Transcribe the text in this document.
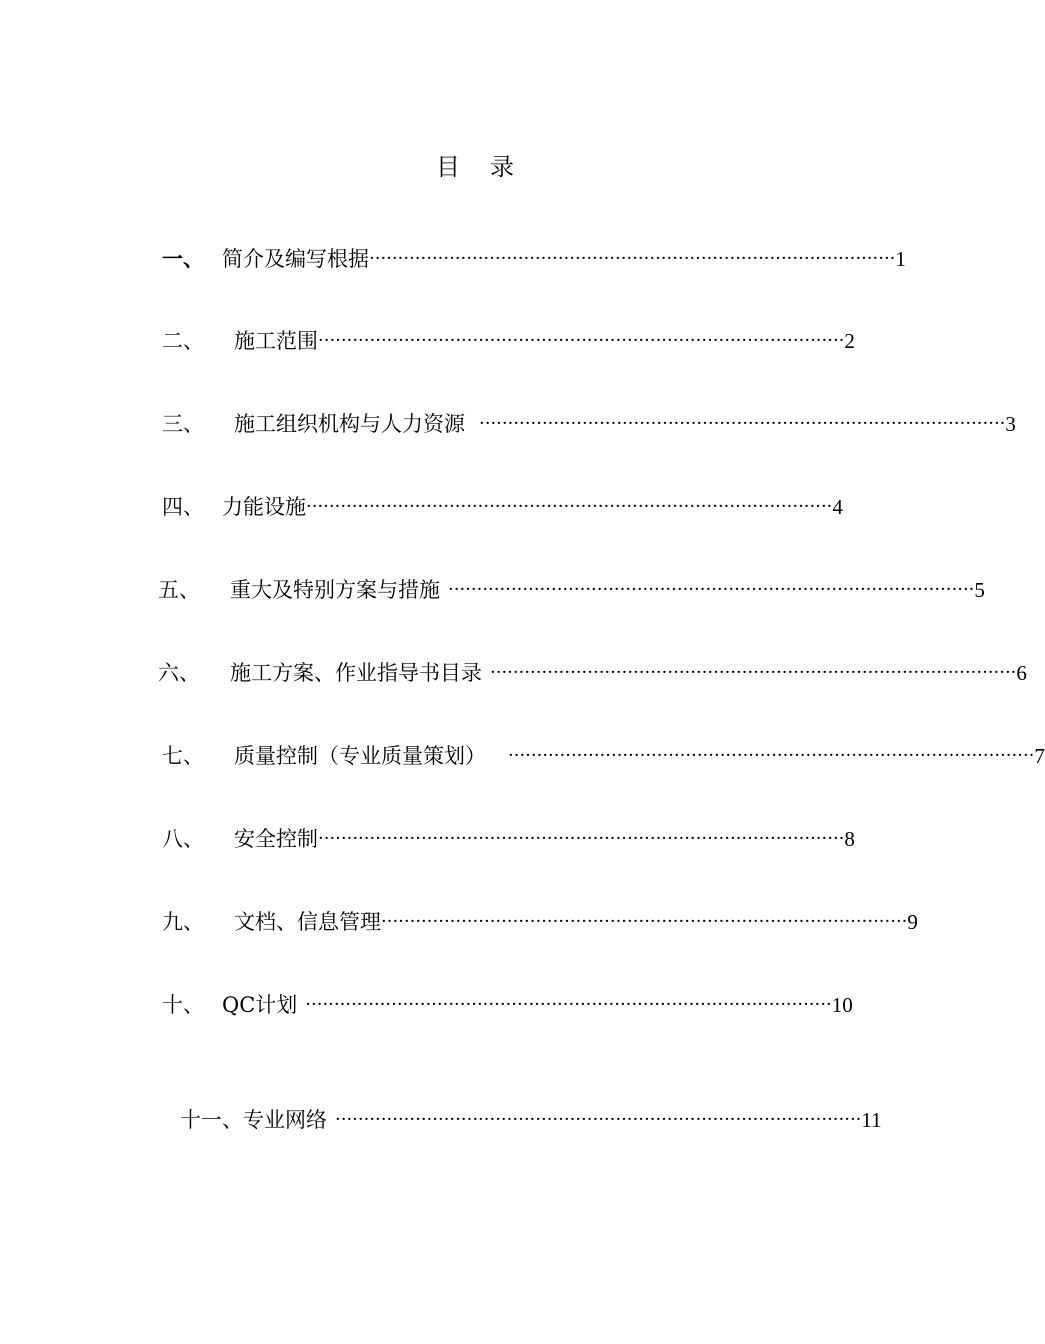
目 录
一、 简介及编写根据 ···························································································· 1
二、	施工范围 ···························································································· 2
三、	施工组织机构与人力资源 ···························································································· 3
四、 力能设施 ···························································································· 4
五、	重大及特别方案与措施 ···························································································· 5
六、	施工方案、作业指导书目录 ···························································································· 6
七、	质量控制（专业质量策划）	···························································································· 7
八、	安全控制 ···························································································· 8
九、	文档、信息管理 ···························································································· 9
十、 QC计划 ···························································································· 10
十一、 专业网络 ···························································································· 11
